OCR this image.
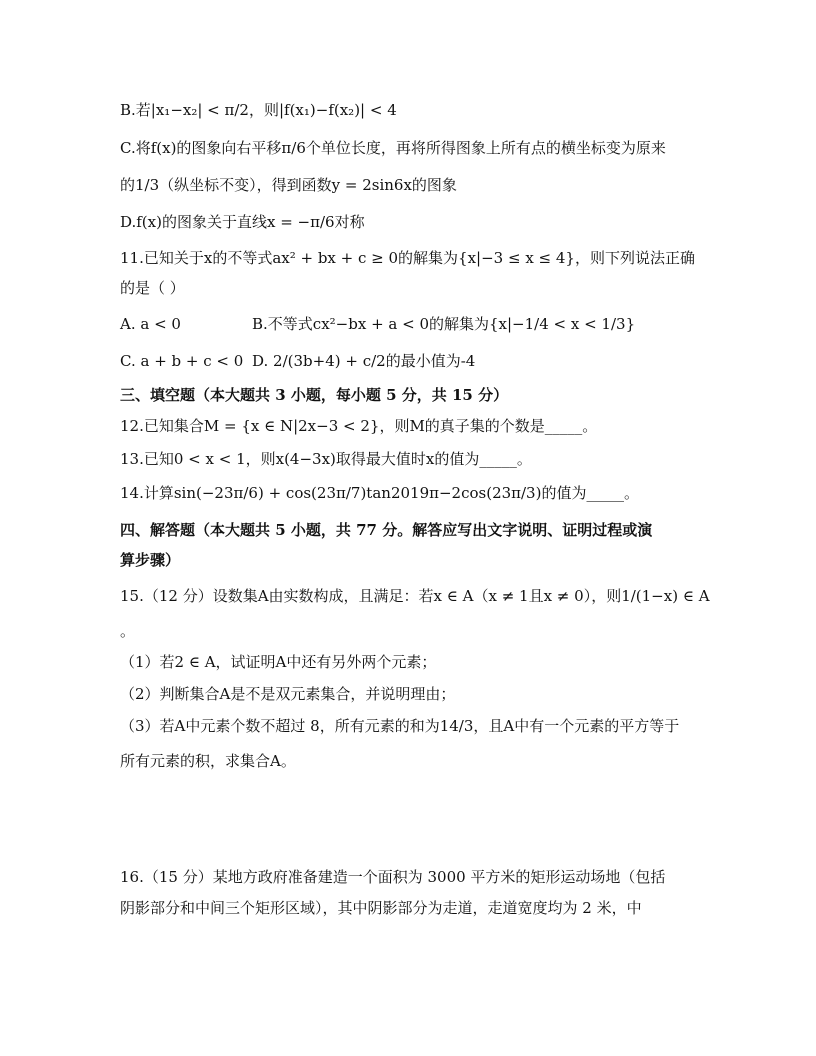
B.若|x₁−x₂| < π/2，则|f(x₁)−f(x₂)| < 4
C.将f(x)的图象向右平移π/6个单位长度，再将所得图象上所有点的横坐标变为原来
的1/3（纵坐标不变），得到函数y = 2sin6x的图象
D.f(x)的图象关于直线x = −π/6对称
11.已知关于x的不等式ax² + bx + c ≥ 0的解集为{x|−3 ≤ x ≤ 4}，则下列说法正确
的是（ ）
A. a < 0	B.不等式cx²−bx + a < 0的解集为{x|−1/4 < x < 1/3}
C. a + b + c < 0 D. 2/(3b+4) + c/2的最小值为-4
三、填空题（本大题共 3 小题，每小题 5 分，共 15 分）
12.已知集合M = {x ∈ N|2x−3 < 2}，则M的真子集的个数是_____。
13.已知0 < x < 1，则x(4−3x)取得最大值时x的值为_____。
14.计算sin(−23π/6) + cos(23π/7)tan2019π−2cos(23π/3)的值为_____。
四、解答题（本大题共 5 小题，共 77 分。解答应写出文字说明、证明过程或演
算步骤）
15.（12 分）设数集A由实数构成，且满足：若x ∈ A（x ≠ 1且x ≠ 0），则1/(1−x) ∈ A
。
（1）若2 ∈ A，试证明A中还有另外两个元素；
（2）判断集合A是不是双元素集合，并说明理由；
（3）若A中元素个数不超过 8，所有元素的和为14/3，且A中有一个元素的平方等于
所有元素的积，求集合A。
16.（15 分）某地方政府准备建造一个面积为 3000 平方米的矩形运动场地（包括
阴影部分和中间三个矩形区域），其中阴影部分为走道，走道宽度均为 2 米，中
